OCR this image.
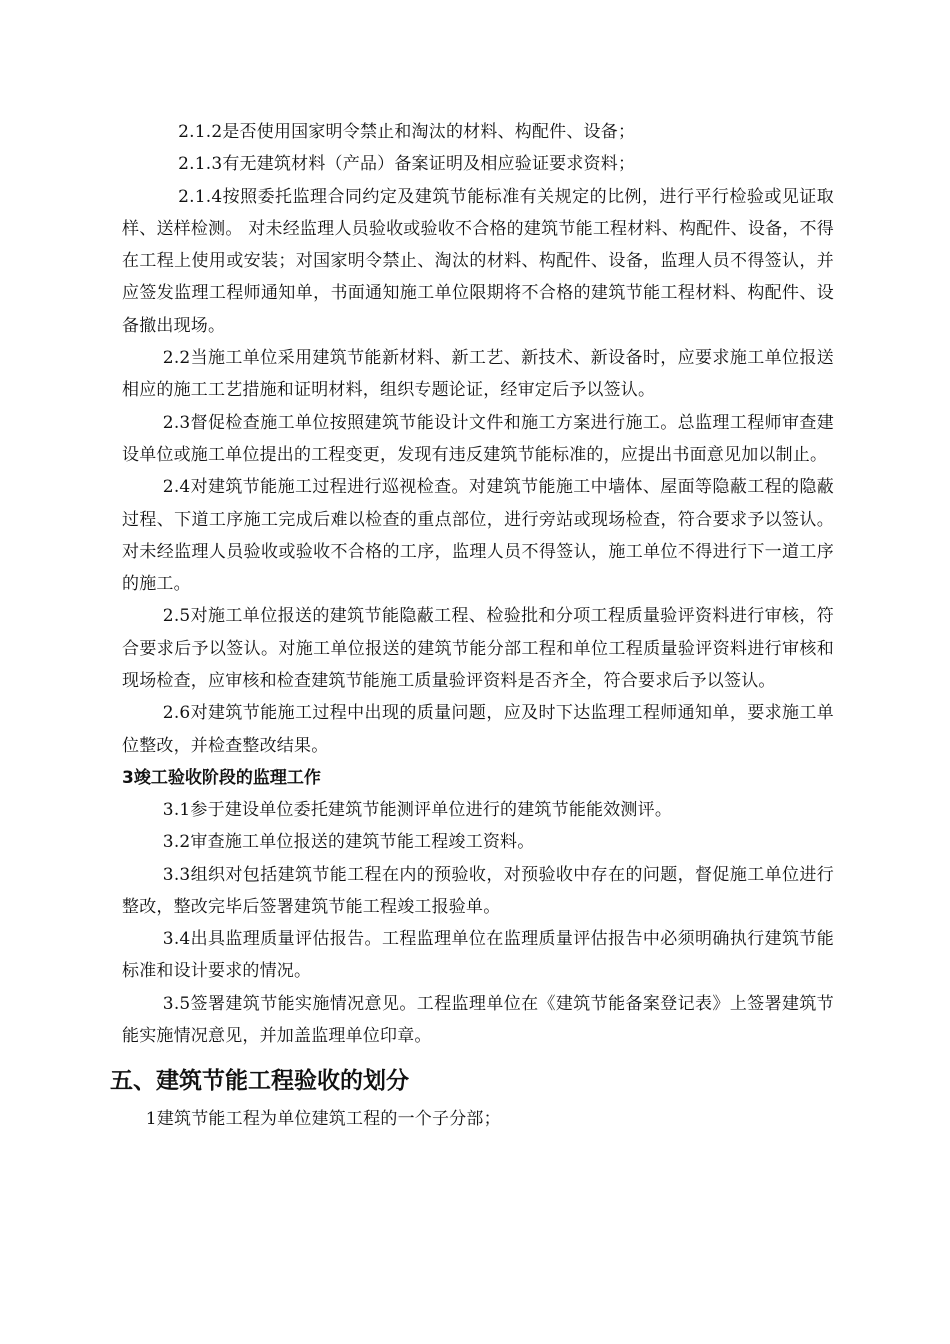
2.1.2是否使用国家明令禁止和淘汰的材料、构配件、设备；

2.1.3有无建筑材料（产品）备案证明及相应验证要求资料；

2.1.4按照委托监理合同约定及建筑节能标准有关规定的比例，进行平行检验或见证取样、送样检测。 对未经监理人员验收或验收不合格的建筑节能工程材料、构配件、设备，不得在工程上使用或安装；对国家明令禁止、淘汰的材料、构配件、设备，监理人员不得签认，并应签发监理工程师通知单，书面通知施工单位限期将不合格的建筑节能工程材料、构配件、设备撤出现场。

2.2当施工单位采用建筑节能新材料、新工艺、新技术、新设备时，应要求施工单位报送相应的施工工艺措施和证明材料，组织专题论证，经审定后予以签认。

2.3督促检查施工单位按照建筑节能设计文件和施工方案进行施工。总监理工程师审查建设单位或施工单位提出的工程变更，发现有违反建筑节能标准的，应提出书面意见加以制止。

2.4对建筑节能施工过程进行巡视检查。对建筑节能施工中墙体、屋面等隐蔽工程的隐蔽过程、下道工序施工完成后难以检查的重点部位，进行旁站或现场检查，符合要求予以签认。对未经监理人员验收或验收不合格的工序，监理人员不得签认，施工单位不得进行下一道工序的施工。

2.5对施工单位报送的建筑节能隐蔽工程、检验批和分项工程质量验评资料进行审核，符合要求后予以签认。对施工单位报送的建筑节能分部工程和单位工程质量验评资料进行审核和现场检查，应审核和检查建筑节能施工质量验评资料是否齐全，符合要求后予以签认。

2.6对建筑节能施工过程中出现的质量问题，应及时下达监理工程师通知单，要求施工单位整改，并检查整改结果。

3竣工验收阶段的监理工作

3.1参于建设单位委托建筑节能测评单位进行的建筑节能能效测评。

3.2审查施工单位报送的建筑节能工程竣工资料。

3.3组织对包括建筑节能工程在内的预验收，对预验收中存在的问题，督促施工单位进行整改，整改完毕后签署建筑节能工程竣工报验单。

3.4出具监理质量评估报告。工程监理单位在监理质量评估报告中必须明确执行建筑节能标准和设计要求的情况。

3.5签署建筑节能实施情况意见。工程监理单位在《建筑节能备案登记表》上签署建筑节能实施情况意见，并加盖监理单位印章。

五、建筑节能工程验收的划分

1建筑节能工程为单位建筑工程的一个子分部；
